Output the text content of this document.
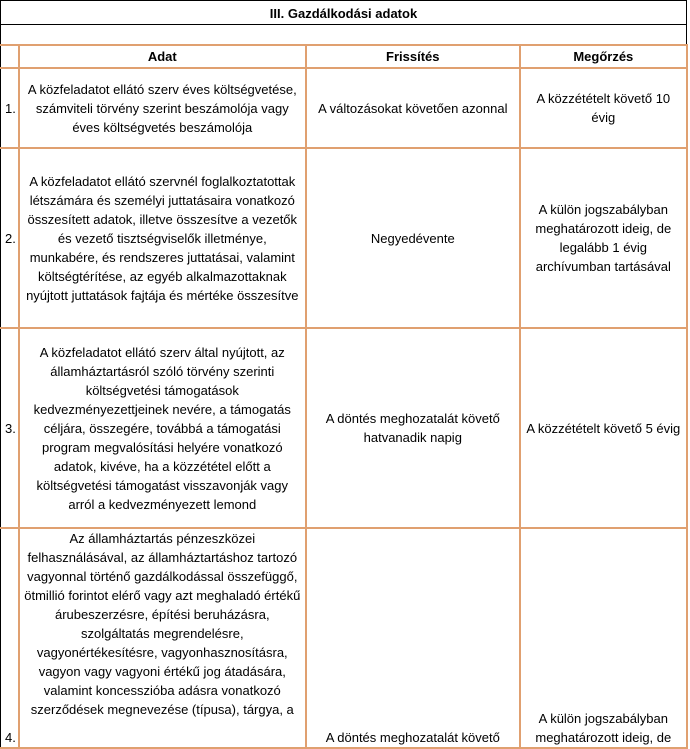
III. Gazdálkodási adatok
	Adat	Frissítés	Megőrzés
1.	A közfeladatot ellátó szerv éves költségvetése, számviteli törvény szerint beszámolója vagy éves költségvetés beszámolója	A változásokat követően azonnal	A közzétételt követő 10 évig
2.	A közfeladatot ellátó szervnél foglalkoztatottak létszámára és személyi juttatásaira vonatkozó összesített adatok, illetve összesítve a vezetők és vezető tisztségviselők illetménye, munkabére, és rendszeres juttatásai, valamint költségtérítése, az egyéb alkalmazottaknak nyújtott juttatások fajtája és mértéke összesítve	Negyedévente	A külön jogszabályban meghatározott ideig, de legalább 1 évig archívumban tartásával
3.	A közfeladatot ellátó szerv által nyújtott, az államháztartásról szóló törvény szerinti költségvetési támogatások kedvezményezettjeinek nevére, a támogatás céljára, összegére, továbbá a támogatási program megvalósítási helyére vonatkozó adatok, kivéve, ha a közzététel előtt a költségvetési támogatást visszavonják vagy arról a kedvezményezett lemond	A döntés meghozatalát követő hatvanadik napig	A közzétételt követő 5 évig
4.	Az államháztartás pénzeszközei felhasználásával, az államháztartáshoz tartozó vagyonnal történő gazdálkodással összefüggő, ötmillió forintot elérő vagy azt meghaladó értékű árubeszerzésre, építési beruházásra, szolgáltatás megrendelésre, vagyonértékesítésre, vagyonhasznosításra, vagyon vagy vagyoni értékű jog átadására, valamint koncesszióba adásra vonatkozó szerződések megnevezése (típusa), tárgya, a	A döntés meghozatalát követő	A külön jogszabályban meghatározott ideig, de
